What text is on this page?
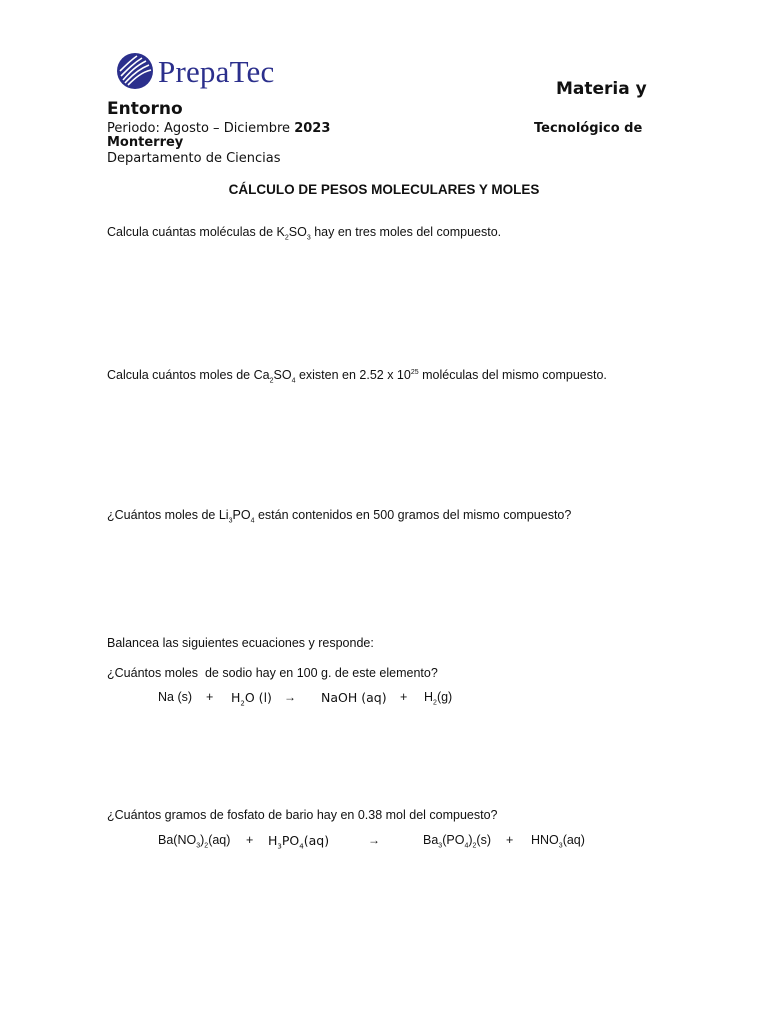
PrepaTec	Materia y
Entorno
Periodo: Agosto – Diciembre 2023	Tecnológico de
Monterrey
Departamento de Ciencias
CÁLCULO DE PESOS MOLECULARES Y MOLES
Calcula cuántas moléculas de $K_2SO_3$ hay en tres moles del compuesto.
Calcula cuántos moles de $Ca_2SO_4$ existen en 2.52 x $10^{25}$ moléculas del mismo compuesto.
¿Cuántos moles de $Li_3PO_4$ están contenidos en 500 gramos del mismo compuesto?
Balancea las siguientes ecuaciones y responde:
¿Cuántos moles  de sodio hay en 100 g. de este elemento?
Na $(s) + H_2O$ (l) → NaOH $(aq) + H_2(g)$
¿Cuántos gramos de fosfato de bario hay en 0.38 mol del compuesto?
$Ba(NO_3)_2(aq) + H_3PO_4(aq)$	→	$Ba_3(PO_4)_2(s) + HNO_3(aq)$
